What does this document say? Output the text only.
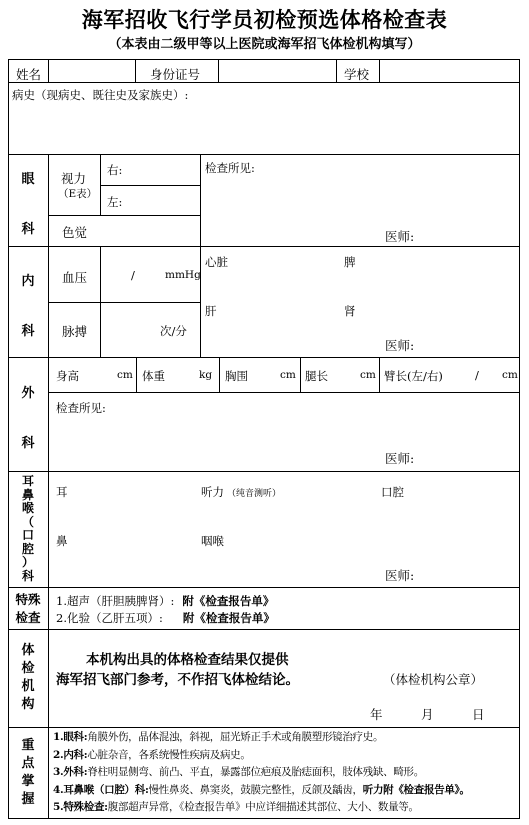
海军招收飞行学员初检预选体格检查表
（本表由二级甲等以上医院或海军招飞体检机构填写）
姓名	身份证号	学校
病史（现病史、既往史及家族史）:
眼
科
视力
（E表）
右:
左:
色觉
检查所见:
医师:
内
科
血压	/	mmHg
脉搏	次/分
心脏	脾
肝	肾
医师:
外
科
身高	cm 体重	kg 胸围	cm 腿长	cm 臂长(左/右)	/ cm
检查所见:
医师:
耳
鼻
喉
（
口
腔
）
科
耳	听力 （纯音测听）	口腔
鼻	咽喉
医师:
特殊
检查
1.超声（肝胆胰脾肾）: 附《检查报告单》
2.化验（乙肝五项）: 附《检查报告单》
体
检
机
构
本机构出具的体格检查结果仅提供
海军招飞部门参考，不作招飞体检结论。	（体检机构公章）
年	月	日
重
点
掌
握
1.眼科:角膜外伤，晶体混浊，斜视，屈光矫正手术或角膜塑形镜治疗史。
2.内科:心脏杂音，各系统慢性疾病及病史。
3.外科:脊柱明显侧弯、前凸、平直，暴露部位疤痕及胎痣面积，肢体残缺、畸形。
4.耳鼻喉（口腔）科:慢性鼻炎、鼻窦炎，鼓膜完整性，反颌及龋齿，听力附《检查报告单》。
5.特殊检查:腹部超声异常，《检查报告单》中应详细描述其部位、大小、数量等。
